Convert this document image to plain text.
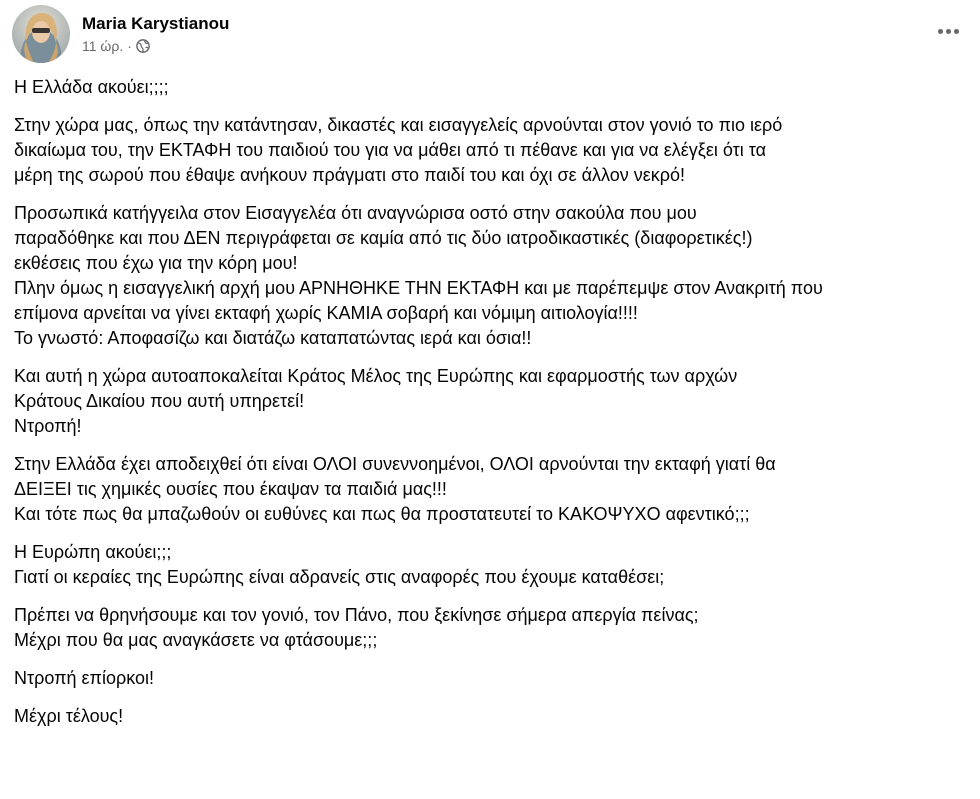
Maria Karystianou
11 ώρ. ·
Η Ελλάδα ακούει;;;;
Στην χώρα μας, όπως την κατάντησαν, δικαστές και εισαγγελείς αρνούνται στον γονιό το πιο ιερό
δικαίωμα του, την ΕΚΤΑΦΗ του παιδιού του για να μάθει από τι πέθανε και για να ελέγξει ότι τα
μέρη της σωρού που έθαψε ανήκουν πράγματι στο παιδί του και όχι σε άλλον νεκρό!
Προσωπικά κατήγγειλα στον Εισαγγελέα ότι αναγνώρισα οστό στην σακούλα που μου
παραδόθηκε και που ΔΕΝ περιγράφεται σε καμία από τις δύο ιατροδικαστικές (διαφορετικές!)
εκθέσεις που έχω για την κόρη μου!
Πλην όμως η εισαγγελική αρχή μου ΑΡΝΗΘΗΚΕ ΤΗΝ ΕΚΤΑΦΗ και με παρέπεμψε στον Ανακριτή που
επίμονα αρνείται να γίνει εκταφή χωρίς ΚΑΜΙΑ σοβαρή και νόμιμη αιτιολογία!!!!
Το γνωστό: Αποφασίζω και διατάζω καταπατώντας ιερά και όσια!!
Και αυτή η χώρα αυτοαποκαλείται Κράτος Μέλος της Ευρώπης και εφαρμοστής των αρχών
Κράτους Δικαίου που αυτή υπηρετεί!
Ντροπή!
Στην Ελλάδα έχει αποδειχθεί ότι είναι ΟΛΟΙ συνεννοημένοι, ΟΛΟΙ αρνούνται την εκταφή γιατί θα
ΔΕΙΞΕΙ τις χημικές ουσίες που έκαψαν τα παιδιά μας!!!
Και τότε πως θα μπαζωθούν οι ευθύνες και πως θα προστατευτεί το ΚΑΚΟΨΥΧΟ αφεντικό;;;
Η Ευρώπη ακούει;;;
Γιατί οι κεραίες της Ευρώπης είναι αδρανείς στις αναφορές που έχουμε καταθέσει;
Πρέπει να θρηνήσουμε και τον γονιό, τον Πάνο, που ξεκίνησε σήμερα απεργία πείνας;
Μέχρι που θα μας αναγκάσετε να φτάσουμε;;;
Ντροπή επίορκοι!
Μέχρι τέλους!
